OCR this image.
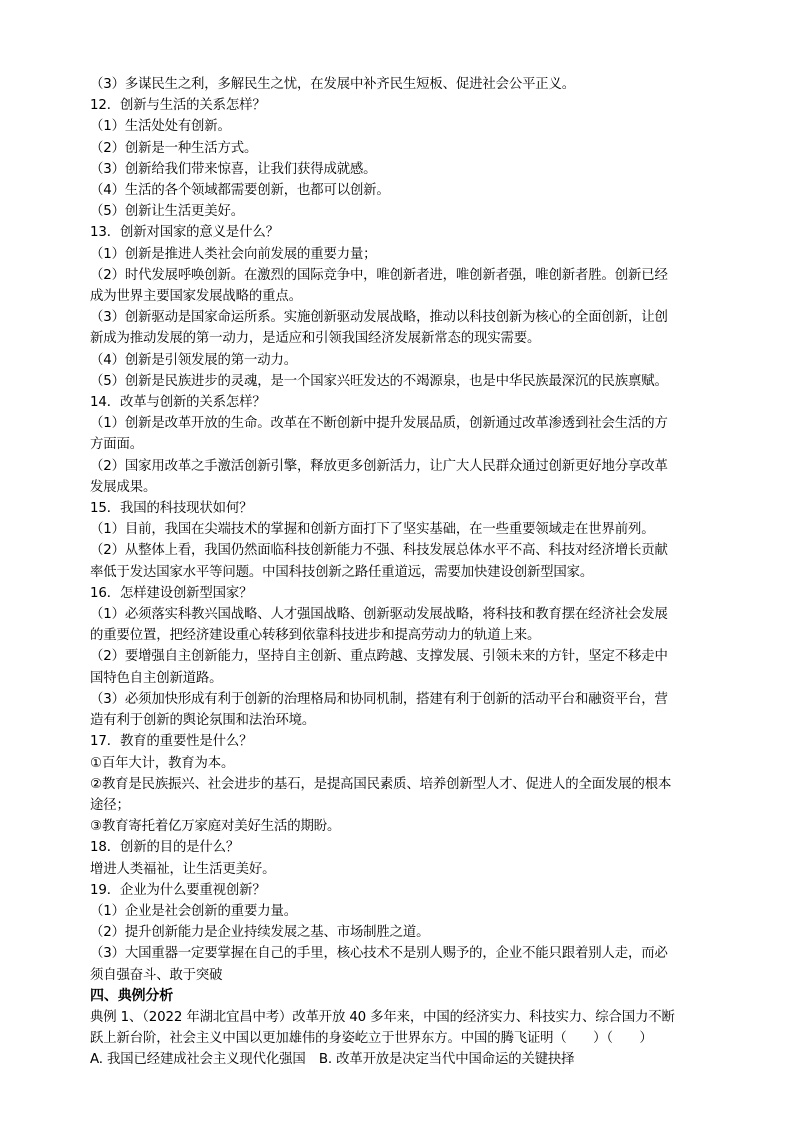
（3）多谋民生之利，多解民生之忧，在发展中补齐民生短板、促进社会公平正义。
12．创新与生活的关系怎样？
（1）生活处处有创新。
（2）创新是一种生活方式。
（3）创新给我们带来惊喜，让我们获得成就感。
（4）生活的各个领域都需要创新，也都可以创新。
（5）创新让生活更美好。
13．创新对国家的意义是什么？
（1）创新是推进人类社会向前发展的重要力量；
（2）时代发展呼唤创新。在激烈的国际竞争中，唯创新者进，唯创新者强，唯创新者胜。创新已经
成为世界主要国家发展战略的重点。
（3）创新驱动是国家命运所系。实施创新驱动发展战略，推动以科技创新为核心的全面创新，让创
新成为推动发展的第一动力，是适应和引领我国经济发展新常态的现实需要。
（4）创新是引领发展的第一动力。
（5）创新是民族进步的灵魂，是一个国家兴旺发达的不竭源泉，也是中华民族最深沉的民族禀赋。
14．改革与创新的关系怎样？
（1）创新是改革开放的生命。改革在不断创新中提升发展品质，创新通过改革渗透到社会生活的方
方面面。
（2）国家用改革之手激活创新引擎，释放更多创新活力，让广大人民群众通过创新更好地分享改革
发展成果。
15．我国的科技现状如何？
（1）目前，我国在尖端技术的掌握和创新方面打下了坚实基础，在一些重要领域走在世界前列。
（2）从整体上看，我国仍然面临科技创新能力不强、科技发展总体水平不高、科技对经济增长贡献
率低于发达国家水平等问题。中国科技创新之路任重道远，需要加快建设创新型国家。
16．怎样建设创新型国家？
（1）必须落实科教兴国战略、人才强国战略、创新驱动发展战略，将科技和教育摆在经济社会发展
的重要位置，把经济建设重心转移到依靠科技进步和提高劳动力的轨道上来。
（2）要增强自主创新能力，坚持自主创新、重点跨越、支撑发展、引领未来的方针，坚定不移走中
国特色自主创新道路。
（3）必须加快形成有利于创新的治理格局和协同机制，搭建有利于创新的活动平台和融资平台，营
造有利于创新的舆论氛围和法治环境。
17．教育的重要性是什么？
①百年大计，教育为本。
②教育是民族振兴、社会进步的基石，是提高国民素质、培养创新型人才、促进人的全面发展的根本
途径；
③教育寄托着亿万家庭对美好生活的期盼。
18．创新的目的是什么？
增进人类福祉，让生活更美好。
19．企业为什么要重视创新？
（1）企业是社会创新的重要力量。
（2）提升创新能力是企业持续发展之基、市场制胜之道。
（3）大国重器一定要掌握在自己的手里，核心技术不是别人赐予的，企业不能只跟着别人走，而必
须自强奋斗、敢于突破
四、典例分析
典例 1、（2022 年湖北宜昌中考）改革开放 40 多年来，中国的经济实力、科技实力、综合国力不断
跃上新台阶，社会主义中国以更加雄伟的身姿屹立于世界东方。中国的腾飞证明（　　）（　　）
A. 我国已经建成社会主义现代化强国　B. 改革开放是决定当代中国命运的关键抉择
